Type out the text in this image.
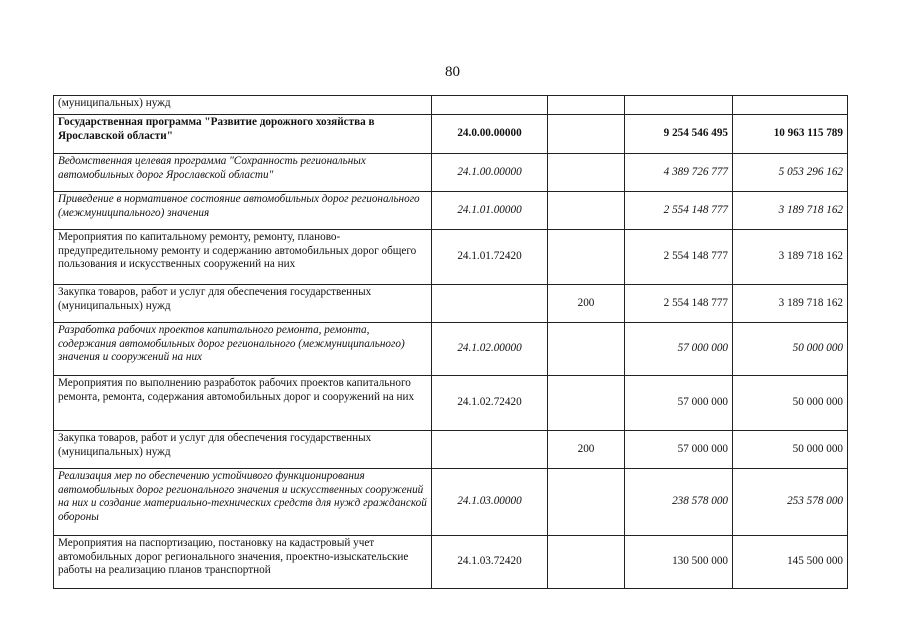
80
(муниципальных) нужд				
Государственная программа "Развитие дорожного хозяйства в Ярославской области"	24.0.00.00000		9 254 546 495	10 963 115 789
Ведомственная целевая программа "Сохранность региональных автомобильных дорог Ярославской области"	24.1.00.00000		4 389 726 777	5 053 296 162
Приведение в нормативное состояние автомобильных дорог регионального (межмуниципального) значения	24.1.01.00000		2 554 148 777	3 189 718 162
Мероприятия по капитальному ремонту, ремонту, планово-предупредительному ремонту и содержанию автомобильных дорог общего пользования и искусственных сооружений на них	24.1.01.72420		2 554 148 777	3 189 718 162
Закупка товаров, работ и услуг для обеспечения государственных (муниципальных) нужд		200	2 554 148 777	3 189 718 162
Разработка рабочих проектов капитального ремонта, ремонта, содержания автомобильных дорог регионального (межмуниципального) значения и сооружений на них	24.1.02.00000		57 000 000	50 000 000
Мероприятия по выполнению разработок рабочих проектов капитального ремонта, ремонта, содержания автомобильных дорог и сооружений на них	24.1.02.72420		57 000 000	50 000 000
Закупка товаров, работ и услуг для обеспечения государственных (муниципальных) нужд		200	57 000 000	50 000 000
Реализация мер по обеспечению устойчивого функционирования автомобильных дорог регионального значения и искусственных сооружений на них и создание материально-технических средств для нужд гражданской обороны	24.1.03.00000		238 578 000	253 578 000
Мероприятия на паспортизацию, постановку на кадастровый учет автомобильных дорог регионального значения, проектно-изыскательские работы на реализацию планов транспортной	24.1.03.72420		130 500 000	145 500 000
